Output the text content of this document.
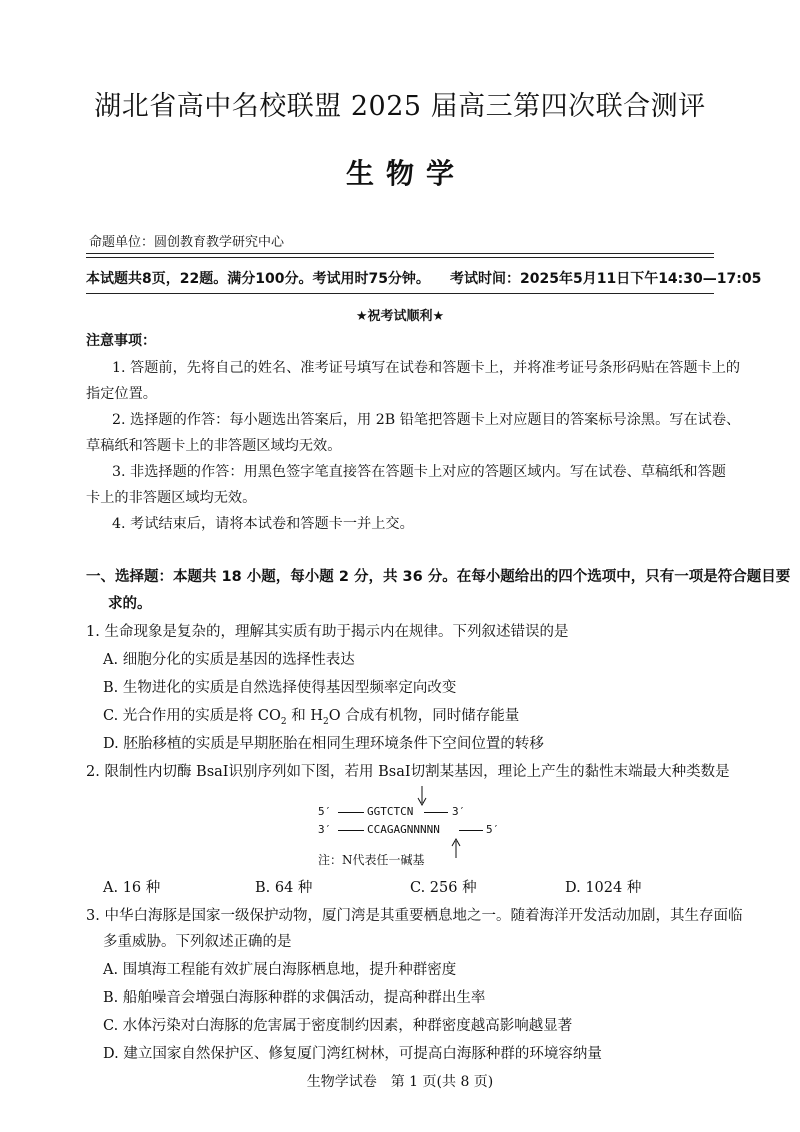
湖北省高中名校联盟 2025 届高三第四次联合测评
生物学
命题单位：圆创教育教学研究中心
本试题共8页，22题。满分100分。考试用时75分钟。 考试时间：2025年5月11日下午14:30—17:05
★祝考试顺利★
注意事项：
1. 答题前，先将自己的姓名、准考证号填写在试卷和答题卡上，并将准考证号条形码贴在答题卡上的
指定位置。
2. 选择题的作答：每小题选出答案后，用 2B 铅笔把答题卡上对应题目的答案标号涂黑。写在试卷、
草稿纸和答题卡上的非答题区域均无效。
3. 非选择题的作答：用黑色签字笔直接答在答题卡上对应的答题区域内。写在试卷、草稿纸和答题
卡上的非答题区域均无效。
4. 考试结束后，请将本试卷和答题卡一并上交。
一、选择题：本题共 18 小题，每小题 2 分，共 36 分。在每小题给出的四个选项中，只有一项是符合题目要
求的。
1. 生命现象是复杂的，理解其实质有助于揭示内在规律。下列叙述错误的是
A. 细胞分化的实质是基因的选择性表达
B. 生物进化的实质是自然选择使得基因型频率定向改变
C. 光合作用的实质是将 $CO_2$ 和 $H_2O$ 合成有机物，同时储存能量
D. 胚胎移植的实质是早期胚胎在相同生理环境条件下空间位置的转移
2. 限制性内切酶 BsaⅠ识别序列如下图，若用 BsaⅠ切割某基因，理论上产生的黏性末端最大种类数是
5′	GGTCTCN	3′
3′	CCAGAGNNNNN	5′
注：N代表任一碱基
A. 16 种	B. 64 种	C. 256 种	D. 1024 种
3. 中华白海豚是国家一级保护动物，厦门湾是其重要栖息地之一。随着海洋开发活动加剧，其生存面临
多重威胁。下列叙述正确的是
A. 围填海工程能有效扩展白海豚栖息地，提升种群密度
B. 船舶噪音会增强白海豚种群的求偶活动，提高种群出生率
C. 水体污染对白海豚的危害属于密度制约因素，种群密度越高影响越显著
D. 建立国家自然保护区、修复厦门湾红树林，可提高白海豚种群的环境容纳量
生物学试卷　第 1 页(共 8 页)
